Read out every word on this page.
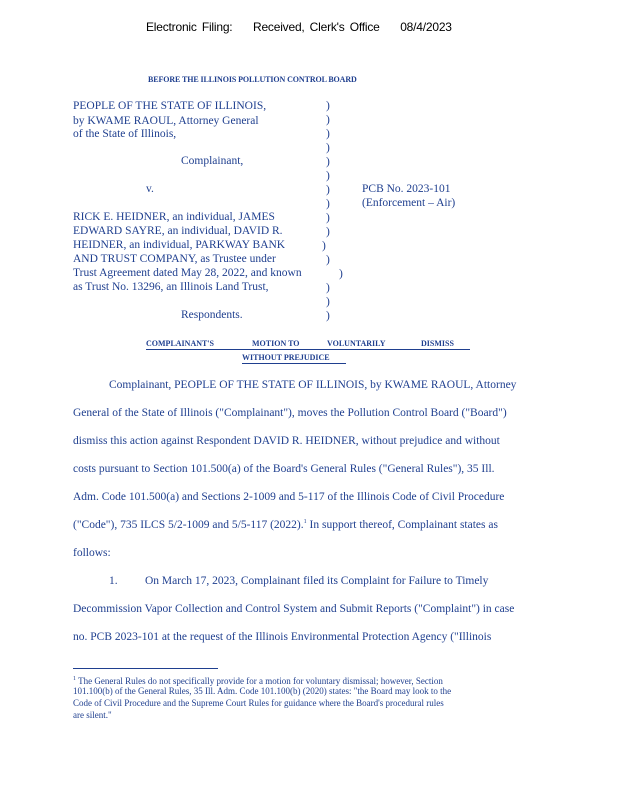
Electronic Filing: Received, Clerk's Office 08/4/2023
BEFORE THE ILLINOIS POLLUTION CONTROL BOARD
PEOPLE OF THE STATE OF ILLINOIS,
by KWAME RAOUL, Attorney General
of the State of Illinois,
Complainant,
v.	PCB No. 2023-101
(Enforcement – Air)
RICK E. HEIDNER, an individual, JAMES
EDWARD SAYRE, an individual, DAVID R.
HEIDNER, an individual, PARKWAY BANK
AND TRUST COMPANY, as Trustee under
Trust Agreement dated May 28, 2022, and known
as Trust No. 13296, an Illinois Land Trust,
Respondents.
)
)
)
)
)
)
)
)
)
)
)
)
)
)
)
)
COMPLAINANT'S	MOTION TO	VOLUNTARILY	DISMISS
WITHOUT PREJUDICE
Complainant, PEOPLE OF THE STATE OF ILLINOIS, by KWAME RAOUL, Attorney
General of the State of Illinois ("Complainant"), moves the Pollution Control Board ("Board")
dismiss this action against Respondent DAVID R. HEIDNER, without prejudice and without
costs pursuant to Section 101.500(a) of the Board's General Rules ("General Rules"), 35 Ill.
Adm. Code 101.500(a) and Sections 2-1009 and 5-117 of the Illinois Code of Civil Procedure
("Code"), 735 ILCS 5/2-1009 and 5/5-117 (2022).$^1$ In support thereof, Complainant states as
follows:
1. On March 17, 2023, Complainant filed its Complaint for Failure to Timely
Decommission Vapor Collection and Control System and Submit Reports ("Complaint") in case
no. PCB 2023-101 at the request of the Illinois Environmental Protection Agency ("Illinois
$^1$ The General Rules do not specifically provide for a motion for voluntary dismissal; however, Section
101.100(b) of the General Rules, 35 Ill. Adm. Code 101.100(b) (2020) states: "the Board may look to the
Code of Civil Procedure and the Supreme Court Rules for guidance where the Board's procedural rules
are silent."
